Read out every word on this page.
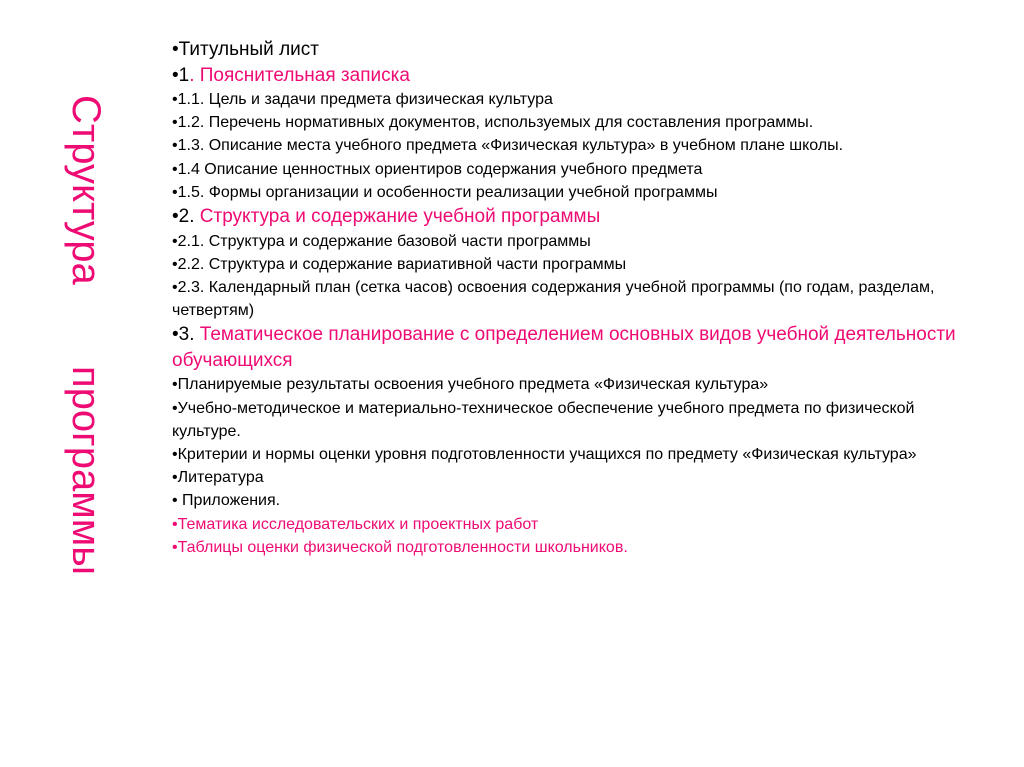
Структура
программы

•Титульный лист

•1. Пояснительная записка

•1.1. Цель и задачи предмета физическая культура

•1.2. Перечень нормативных документов, используемых для составления программы.

•1.3. Описание места учебного предмета «Физическая культура» в учебном плане школы.

•1.4 Описание ценностных ориентиров содержания учебного предмета

•1.5. Формы организации и особенности реализации учебной программы

•2. Структура и содержание учебной программы

•2.1. Структура и содержание базовой части программы

•2.2. Структура и содержание вариативной части программы

•2.3. Календарный план (сетка часов) освоения содержания учебной программы (по годам, разделам, четвертям)

•3. Тематическое планирование с определением основных видов учебной деятельности обучающихся

•Планируемые результаты освоения учебного предмета «Физическая культура»

•Учебно-методическое и материально-техническое обеспечение учебного предмета по физической культуре.

•Критерии и нормы оценки уровня подготовленности учащихся по предмету «Физическая культура»

•Литература

• Приложения.

•Тематика исследовательских и проектных работ

•Таблицы оценки физической подготовленности школьников.
